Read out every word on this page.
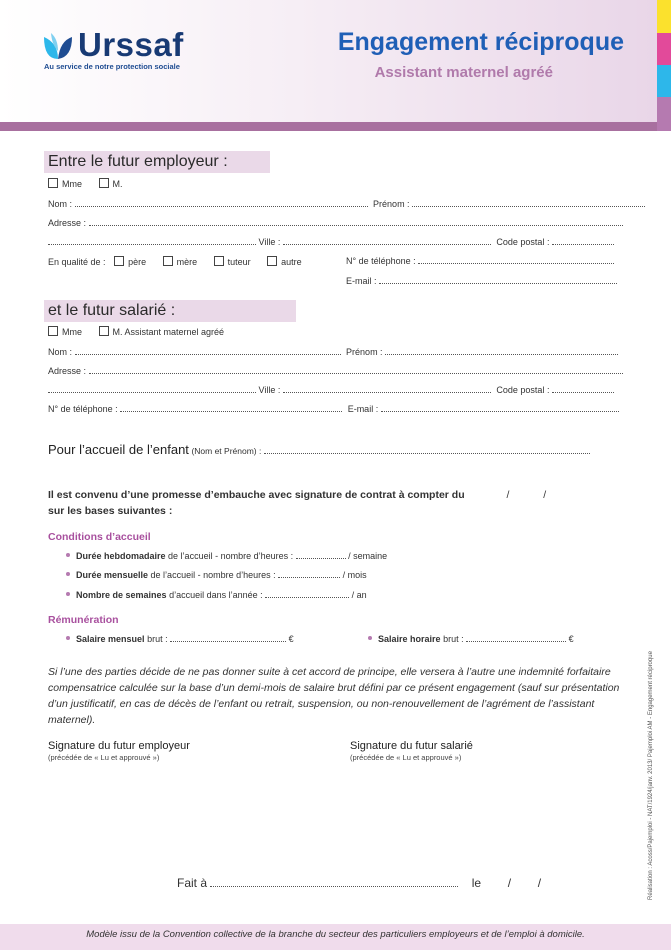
Urssaf
Au service de notre protection sociale
Engagement réciproque
Assistant maternel agréé
Entre le futur employeur :
Mme	M.
Nom :	Prénom :
Adresse :
Ville :	Code postal :
En qualité de :	père	mère	tuteur	autre	N° de téléphone :
E-mail :
et le futur salarié :
Mme	M. Assistant maternel agréé
Nom :	Prénom :
Adresse :
Ville :	Code postal :
N° de téléphone :	E-mail :
Pour l’accueil de l’enfant (Nom et Prénom) :
Il est convenu d’une promesse d’embauche avec signature de contrat à compter du	/	/
sur les bases suivantes :
Conditions d’accueil
Durée hebdomadaire de l’accueil - nombre d’heures :	/ semaine
Durée mensuelle de l’accueil - nombre d’heures :	/ mois
Nombre de semaines d’accueil dans l’année :	/ an
Rémunération
Salaire mensuel brut :	€	Salaire horaire brut :	€
Si l’une des parties décide de ne pas donner suite à cet accord de principe, elle versera à l’autre une indemnité forfaitaire compensatrice calculée sur la base d’un demi-mois de salaire brut défini par ce présent engagement (sauf sur présentation d’un justificatif, en cas de décès de l’enfant ou retrait, suspension, ou non-renouvellement de l’agrément de l’assistant maternel).
Signature du futur employeur
(précédée de « Lu et approuvé »)
Signature du futur salarié
(précédée de « Lu et approuvé »)
Fait à	le / /	Réalisation : Acoss/Pajemploi - NAT/1924/janv. 2013/ Pajemploi AM - Engagement réciproque
Modèle issu de la Convention collective de la branche du secteur des particuliers employeurs et de l’emploi à domicile.
